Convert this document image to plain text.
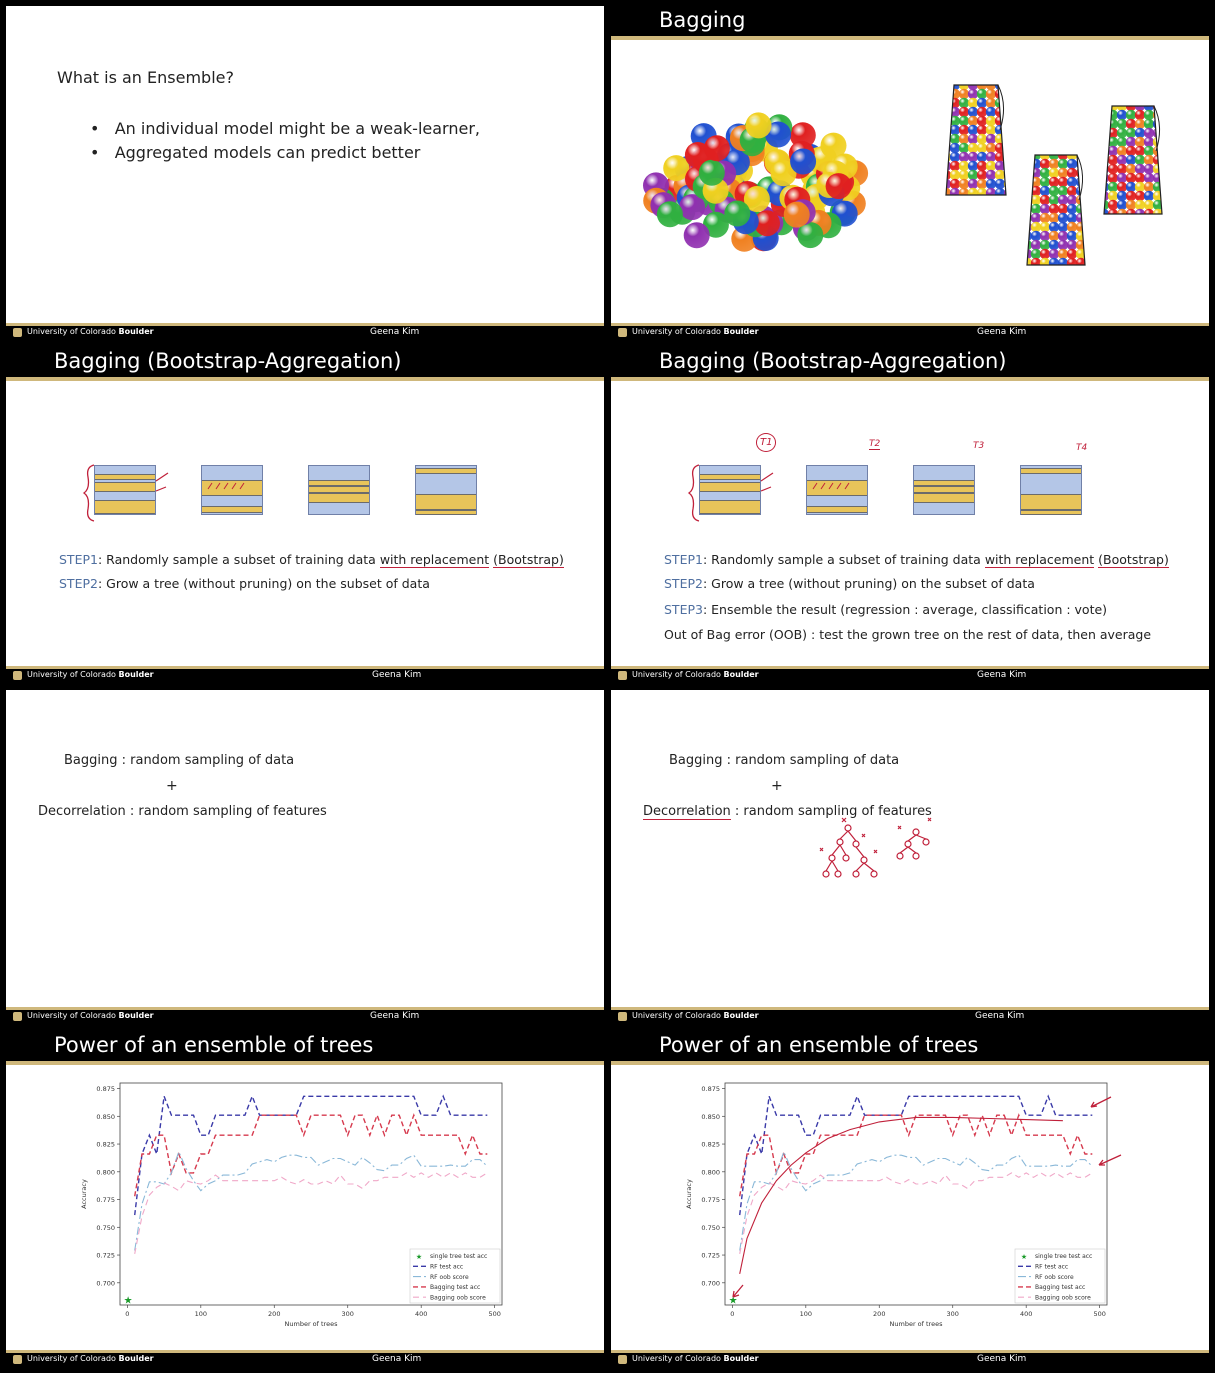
What is an Ensemble?
•   An individual model might be a weak-learner,
•   Aggregated models can predict better
University of Colorado Boulder	Geena Kim
Bagging
University of Colorado Boulder	Geena Kim
Bagging (Bootstrap-Aggregation)
STEP1: Randomly sample a subset of training data with replacement (Bootstrap)
STEP2: Grow a tree (without pruning) on the subset of data
University of Colorado Boulder	Geena Kim
Bagging (Bootstrap-Aggregation)
T1	T2	T3	T4
STEP1: Randomly sample a subset of training data with replacement (Bootstrap)
STEP2: Grow a tree (without pruning) on the subset of data
STEP3: Ensemble the result (regression : average, classification : vote)
Out of Bag error (OOB) : test the grown tree on the rest of data, then average
University of Colorado Boulder	Geena Kim
Bagging : random sampling of data
+
Decorrelation : random sampling of features
University of Colorado Boulder	Geena Kim
Bagging : random sampling of data
+
Decorrelation : random sampling of features
University of Colorado Boulder	Geena Kim
Power of an ensemble of trees
0.700
0.725
0.750
0.775
0.800
0.825
0.850
0.875
0	100	200	300	400	500
Number of trees
Accuracy
★
★ single tree test acc
RF test acc
RF oob score
Bagging test acc
Bagging oob score
University of Colorado Boulder	Geena Kim
Power of an ensemble of trees
0.700
0.725
0.750
0.775
0.800
0.825
0.850
0.875
0	100	200	300	400	500
Number of trees
Accuracy
★
★ single tree test acc
RF test acc
RF oob score
Bagging test acc
Bagging oob score
University of Colorado Boulder	Geena Kim
